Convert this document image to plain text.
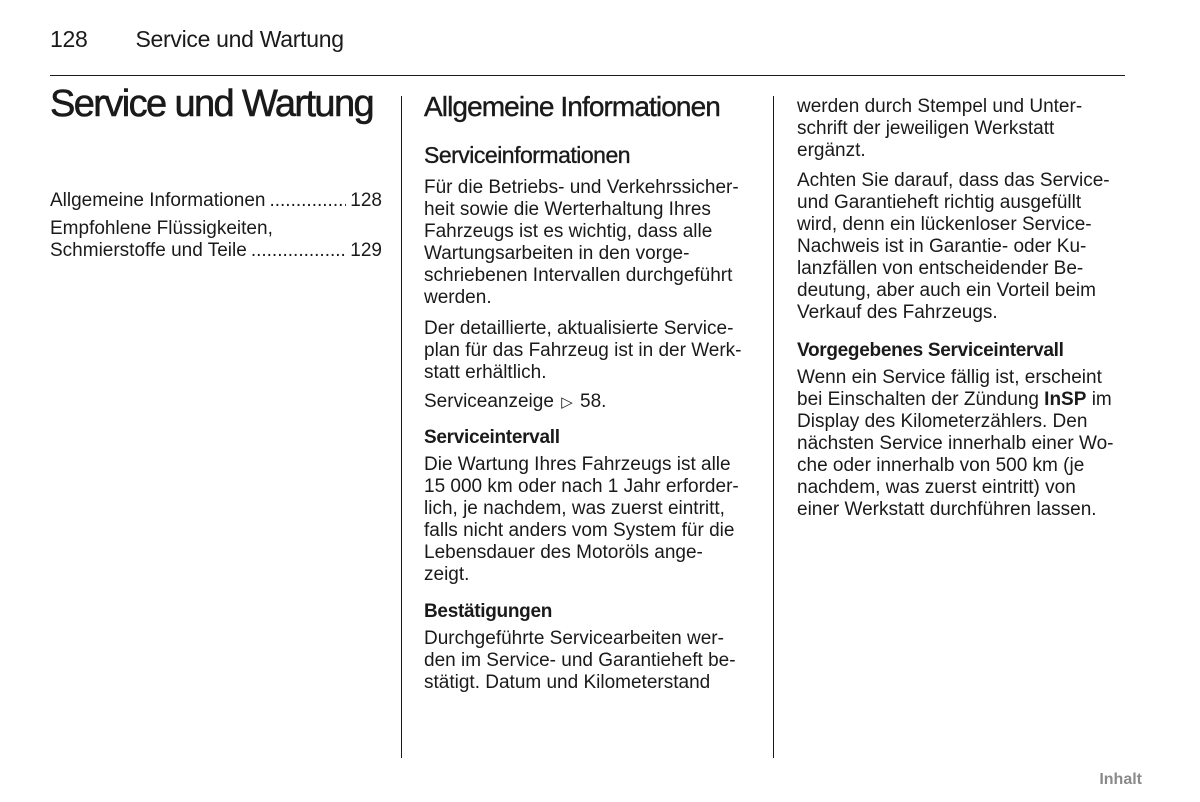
128 Service und Wartung
Service und Wartung
Allgemeine Informationen .....	128

Empfohlene Flüssigkeiten,

Schmierstoffe und Teile .....	129
Allgemeine Informationen
Serviceinformationen
Für die Betriebs- und Verkehrssicher-
heit sowie die Werterhaltung Ihres
Fahrzeugs ist es wichtig, dass alle
Wartungsarbeiten in den vorge-
schriebenen Intervallen durchgeführt
werden.
Der detaillierte, aktualisierte Service-
plan für das Fahrzeug ist in der Werk-
statt erhältlich.
Serviceanzeige ▷ 58.

Serviceintervall

Die Wartung Ihres Fahrzeugs ist alle
15 000 km oder nach 1 Jahr erforder-
lich, je nachdem, was zuerst eintritt,
falls nicht anders vom System für die
Lebensdauer des Motoröls ange-
zeigt.

Bestätigungen

Durchgeführte Servicearbeiten wer-
den im Service- und Garantieheft be-
stätigt. Datum und Kilometerstand
werden durch Stempel und Unter-
schrift der jeweiligen Werkstatt
ergänzt.
Achten Sie darauf, dass das Service-
und Garantieheft richtig ausgefüllt
wird, denn ein lückenloser Service-
Nachweis ist in Garantie- oder Ku-
lanzfällen von entscheidender Be-
deutung, aber auch ein Vorteil beim
Verkauf des Fahrzeugs.

Vorgegebenes Serviceintervall

Wenn ein Service fällig ist, erscheint
bei Einschalten der Zündung InSP im
Display des Kilometerzählers. Den
nächsten Service innerhalb einer Wo-
che oder innerhalb von 500 km (je
nachdem, was zuerst eintritt) von
einer Werkstatt durchführen lassen.
Inhalt
